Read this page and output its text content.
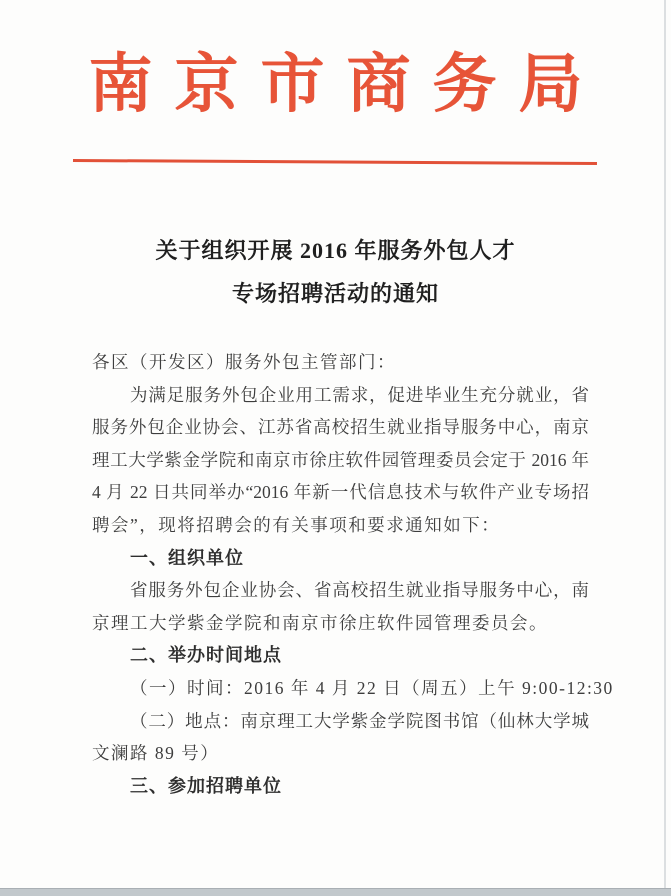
南京市商务局
关于组织开展 2016 年服务外包人才
专场招聘活动的通知
各区（开发区）服务外包主管部门：
为满足服务外包企业用工需求，促进毕业生充分就业，省
服务外包企业协会、江苏省高校招生就业指导服务中心，南京
理工大学紫金学院和南京市徐庄软件园管理委员会定于 2016 年
4 月 22 日共同举办“2016 年新一代信息技术与软件产业专场招
聘会”，现将招聘会的有关事项和要求通知如下：
一、组织单位
省服务外包企业协会、省高校招生就业指导服务中心，南
京理工大学紫金学院和南京市徐庄软件园管理委员会。
二、举办时间地点
（一）时间：2016 年 4 月 22 日（周五）上午 9:00-12:30
（二）地点：南京理工大学紫金学院图书馆（仙林大学城
文澜路 89 号）
三、参加招聘单位
